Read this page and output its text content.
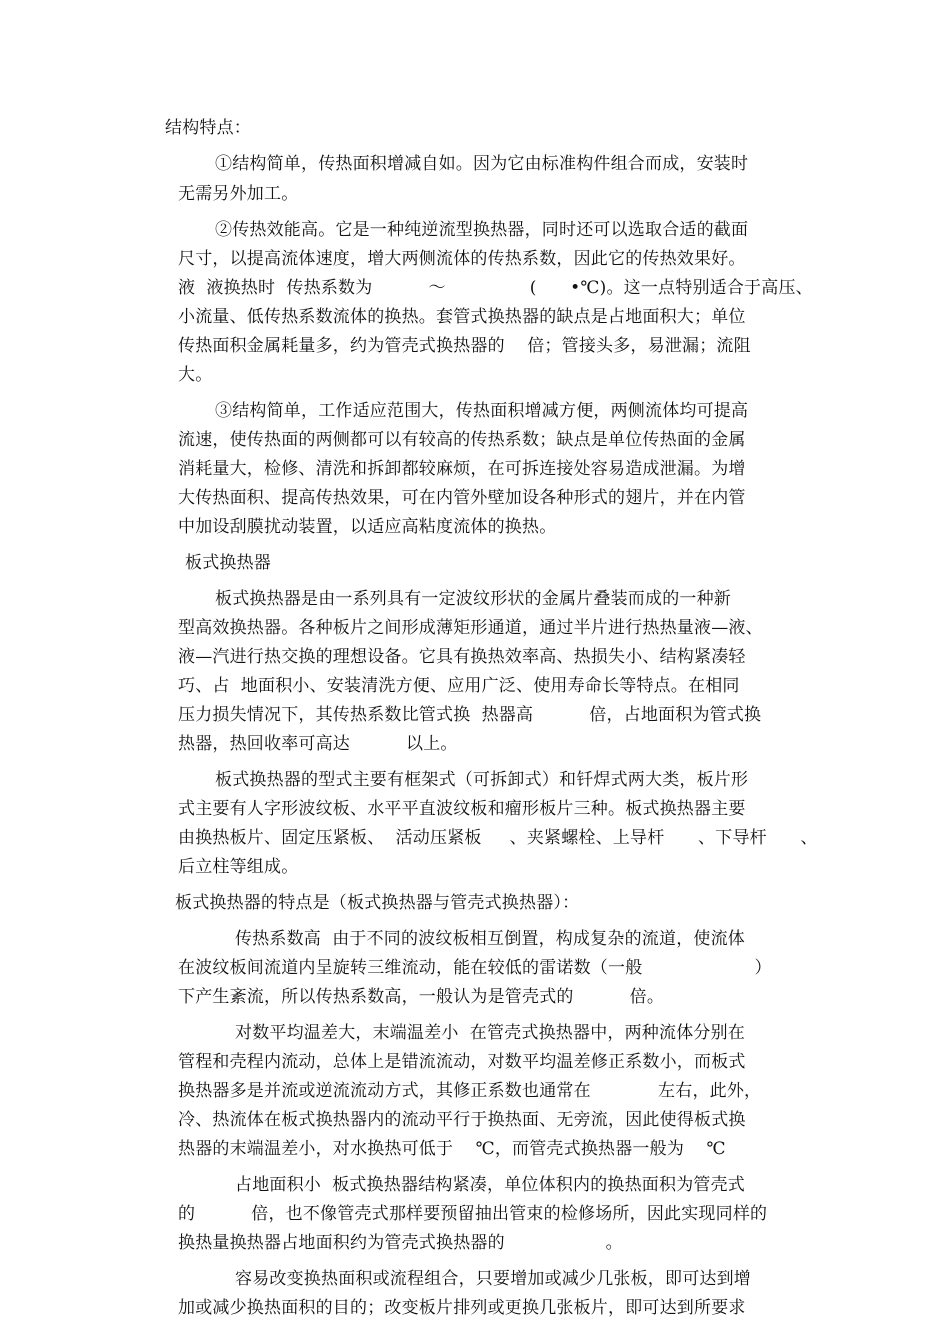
结构特点：
①结构简单，传热面积增减自如。因为它由标准构件组合而成，安装时
无需另外加工。
②传热效能高。它是一种纯逆流型换热器，同时还可以选取合适的截面
尺寸，以提高流体速度，增大两侧流体的传热系数，因此它的传热效果好。
液  液换热时  传热系数为          ～               (      •℃)。这一点特别适合于高压、
小流量、低传热系数流体的换热。套管式换热器的缺点是占地面积大；单位
传热面积金属耗量多，约为管壳式换热器的    倍；管接头多，易泄漏；流阻
大。
③结构简单，工作适应范围大，传热面积增减方便，两侧流体均可提高
流速，使传热面的两侧都可以有较高的传热系数；缺点是单位传热面的金属
消耗量大，检修、清洗和拆卸都较麻烦，在可拆连接处容易造成泄漏。为增
大传热面积、提高传热效果，可在内管外壁加设各种形式的翅片，并在内管
中加设刮膜扰动装置，以适应高粘度流体的换热。
板式换热器
板式换热器是由一系列具有一定波纹形状的金属片叠装而成的一种新
型高效换热器。各种板片之间形成薄矩形通道，通过半片进行热热量液—液、
液—汽进行热交换的理想设备。它具有换热效率高、热损失小、结构紧凑轻
巧、占  地面积小、安装清洗方便、应用广泛、使用寿命长等特点。在相同
压力损失情况下，其传热系数比管式换  热器高          倍，占地面积为管式换
热器，热回收率可高达          以上。
板式换热器的型式主要有框架式（可拆卸式）和钎焊式两大类，板片形
式主要有人字形波纹板、水平平直波纹板和瘤形板片三种。板式换热器主要
由换热板片、固定压紧板、  活动压紧板     、夹紧螺栓、上导杆      、下导杆      、
后立柱等组成。
板式换热器的特点是（板式换热器与管壳式换热器）：
传热系数高  由于不同的波纹板相互倒置，构成复杂的流道，使流体
在波纹板间流道内呈旋转三维流动，能在较低的雷诺数（一般                    ）
下产生紊流，所以传热系数高，一般认为是管壳式的          倍。
对数平均温差大，末端温差小  在管壳式换热器中，两种流体分别在
管程和壳程内流动，总体上是错流流动，对数平均温差修正系数小，而板式
换热器多是并流或逆流流动方式，其修正系数也通常在            左右，此外，
冷、热流体在板式换热器内的流动平行于换热面、无旁流，因此使得板式换
热器的末端温差小，对水换热可低于    ℃，而管壳式换热器一般为    ℃
占地面积小  板式换热器结构紧凑，单位体积内的换热面积为管壳式
的          倍，也不像管壳式那样要预留抽出管束的检修场所，因此实现同样的
换热量换热器占地面积约为管壳式换热器的                  。
容易改变换热面积或流程组合，只要增加或减少几张板，即可达到增
加或减少换热面积的目的；改变板片排列或更换几张板片，即可达到所要求
